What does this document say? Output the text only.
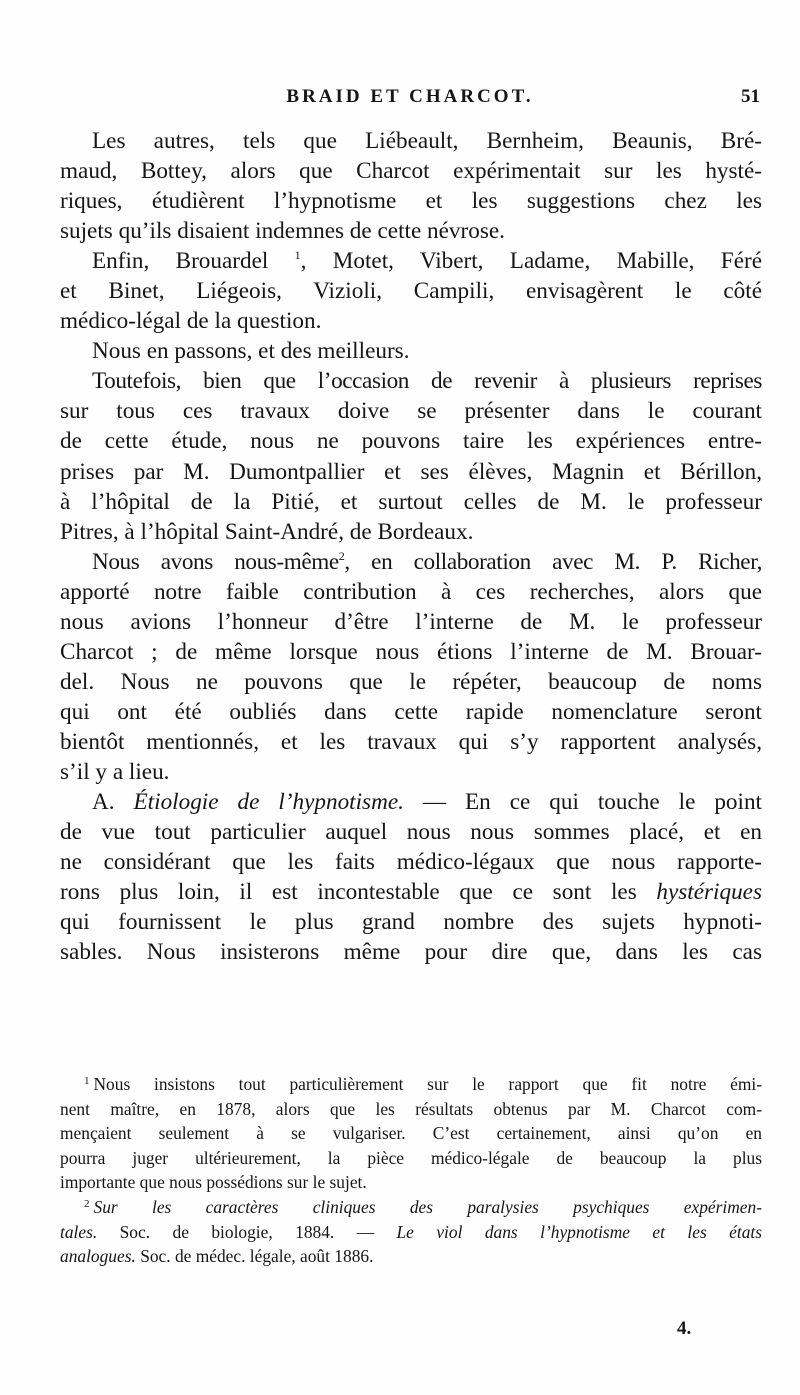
BRAID ET CHARCOT.	51
Les autres, tels que Liébeault, Bernheim, Beaunis, Bré-
maud, Bottey, alors que Charcot expérimentait sur les hysté-
riques, étudièrent l’hypnotisme et les suggestions chez les
sujets qu’ils disaient indemnes de cette névrose.
Enfin, Brouardel $^1$, Motet, Vibert, Ladame, Mabille, Féré
et Binet, Liégeois, Vizioli, Campili, envisagèrent le côté
médico-légal de la question.
Nous en passons, et des meilleurs.
Toutefois, bien que l’occasion de revenir à plusieurs reprises
sur tous ces travaux doive se présenter dans le courant
de cette étude, nous ne pouvons taire les expériences entre-
prises par M. Dumontpallier et ses élèves, Magnin et Bérillon,
à l’hôpital de la Pitié, et surtout celles de M. le professeur
Pitres, à l’hôpital Saint-André, de Bordeaux.
Nous avons nous-même$^2$, en collaboration avec M. P. Richer,
apporté notre faible contribution à ces recherches, alors que
nous avions l’honneur d’être l’interne de M. le professeur
Charcot ; de même lorsque nous étions l’interne de M. Brouar-
del. Nous ne pouvons que le répéter, beaucoup de noms
qui ont été oubliés dans cette rapide nomenclature seront
bientôt mentionnés, et les travaux qui s’y rapportent analysés,
s’il y a lieu.
A. Étiologie de l’hypnotisme. — En ce qui touche le point
de vue tout particulier auquel nous nous sommes placé, et en
ne considérant que les faits médico-légaux que nous rapporte-
rons plus loin, il est incontestable que ce sont les hystériques
qui fournissent le plus grand nombre des sujets hypnoti-
sables. Nous insisterons même pour dire que, dans les cas
$^1$ Nous insistons tout particulièrement sur le rapport que fit notre émi-
nent maître, en 1878, alors que les résultats obtenus par M. Charcot com-
mençaient seulement à se vulgariser. C’est certainement, ainsi qu’on en
pourra juger ultérieurement, la pièce médico-légale de beaucoup la plus
importante que nous possédions sur le sujet.
$^2$ Sur les caractères cliniques des paralysies psychiques expérimen-
tales. Soc. de biologie, 1884. — Le viol dans l’hypnotisme et les états
analogues. Soc. de médec. légale, août 1886.
4.
